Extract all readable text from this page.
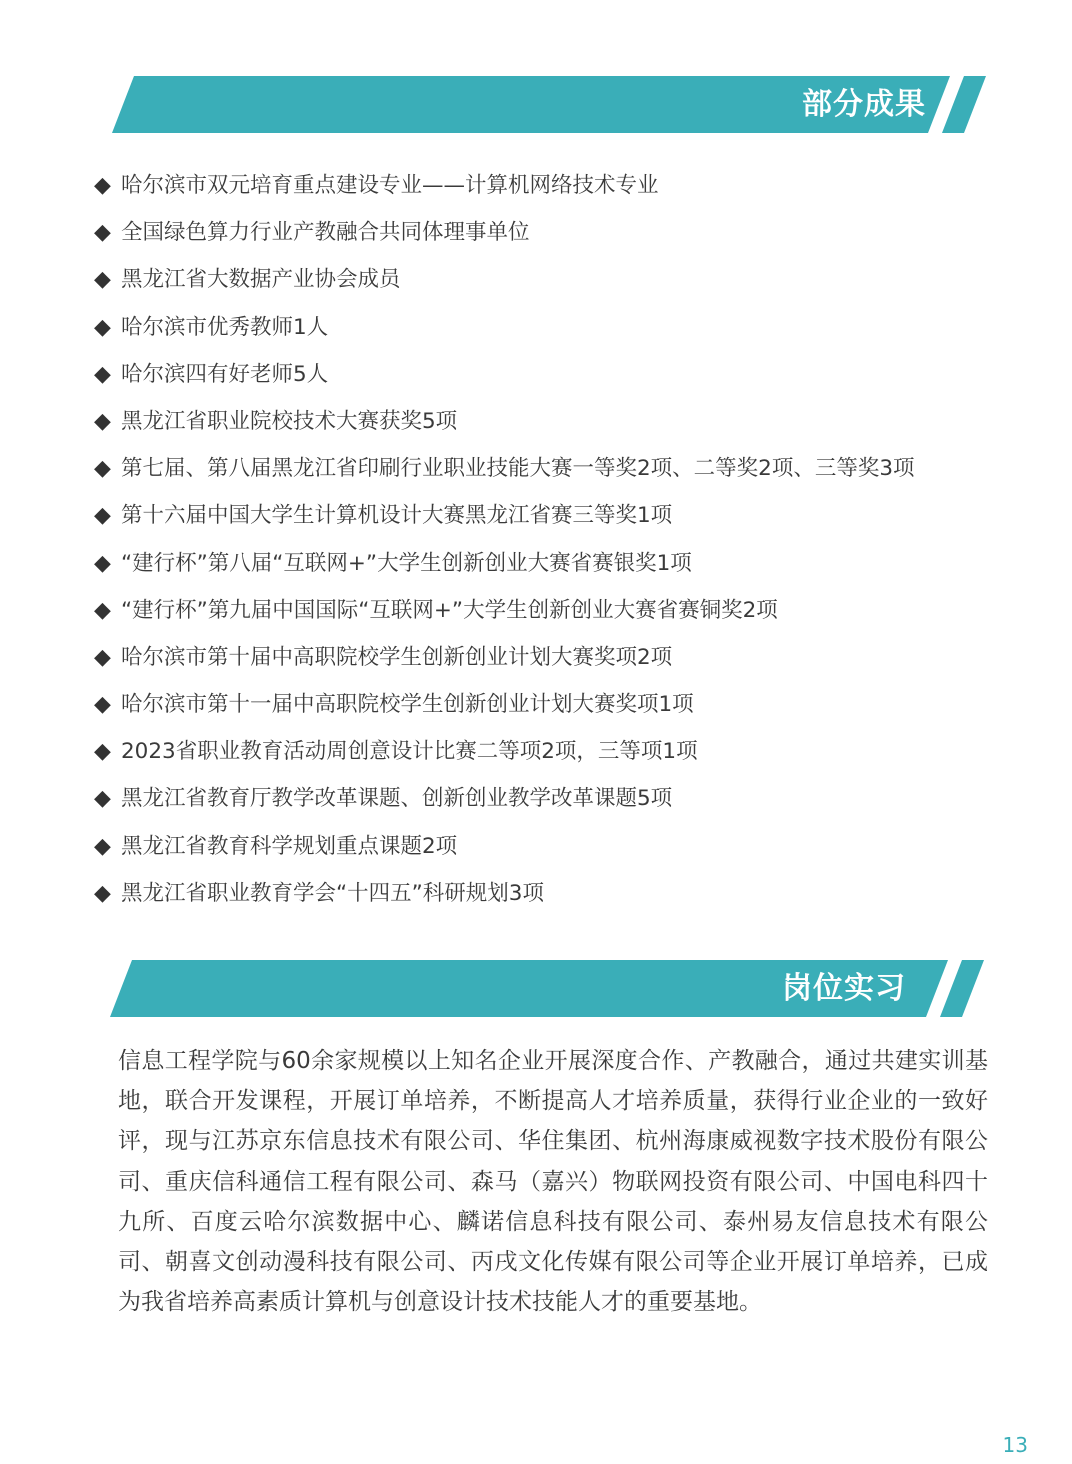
部分成果
◆ 哈尔滨市双元培育重点建设专业——计算机网络技术专业
◆ 全国绿色算力行业产教融合共同体理事单位
◆ 黑龙江省大数据产业协会成员
◆ 哈尔滨市优秀教师1人
◆ 哈尔滨四有好老师5人
◆ 黑龙江省职业院校技术大赛获奖5项
◆ 第七届、第八届黑龙江省印刷行业职业技能大赛一等奖2项、二等奖2项、三等奖3项
◆ 第十六届中国大学生计算机设计大赛黑龙江省赛三等奖1项
◆ “建行杯”第八届“互联网+”大学生创新创业大赛省赛银奖1项
◆ “建行杯”第九届中国国际“互联网+”大学生创新创业大赛省赛铜奖2项
◆ 哈尔滨市第十届中高职院校学生创新创业计划大赛奖项2项
◆ 哈尔滨市第十一届中高职院校学生创新创业计划大赛奖项1项
◆ 2023省职业教育活动周创意设计比赛二等项2项，三等项1项
◆ 黑龙江省教育厅教学改革课题、创新创业教学改革课题5项
◆ 黑龙江省教育科学规划重点课题2项
◆ 黑龙江省职业教育学会“十四五”科研规划3项
岗位实习

信息工程学院与60余家规模以上知名企业开展深度合作、产教融合，通过共建实训基地，联合开发课程，开展订单培养，不断提高人才培养质量，获得行业企业的一致好评，现与江苏京东信息技术有限公司、华住集团、杭州海康威视数字技术股份有限公司、重庆信科通信工程有限公司、森马（嘉兴）物联网投资有限公司、中国电科四十九所、百度云哈尔滨数据中心、麟诺信息科技有限公司、泰州易友信息技术有限公司、朝喜文创动漫科技有限公司、丙戌文化传媒有限公司等企业开展订单培养，已成为我省培养高素质计算机与创意设计技术技能人才的重要基地。

13
